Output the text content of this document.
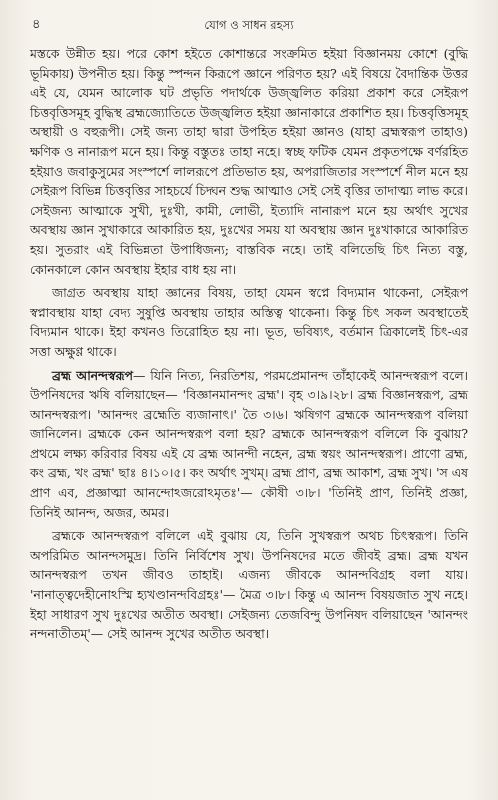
৪	যোগ ও সাধন রহস্য

মস্তকে উন্নীত হয়। পরে কোশ হইতে কোশান্তরে সংক্রমিত হইয়া বিজ্ঞানময় কোশে (বুদ্ধি ভূমিকায়) উপনীত হয়। কিন্তু স্পন্দন কিরূপে জ্ঞানে পরিণত হয়? এই বিষয়ে বৈদান্তিক উত্তর এই যে, যেমন আলোক ঘট প্রভৃতি পদার্থকে উজ্জ্বলিত করিয়া প্রকাশ করে সেইরূপ চিত্তবৃত্তিসমূহ বুদ্ধিস্থ ব্রহ্মজ্যোতিতে উজ্জ্বলিত হইয়া জ্ঞানাকারে প্রকাশিত হয়। চিত্তবৃত্তিসমূহ অস্থায়ী ও বহুরূপী। সেই জন্য তাহা দ্বারা উপহিত হইয়া জ্ঞানও (যাহা ব্রহ্মস্বরূপ তাহাও) ক্ষণিক ও নানারূপ মনে হয়। কিন্তু বস্তুতঃ তাহা নহে। স্বচ্ছ ফটিক যেমন প্রকৃতপক্ষে বর্ণরহিত হইয়াও জবাকুসুমের সংস্পর্শে লালরূপে প্রতিভাত হয়, অপরাজিতার সংস্পর্শে নীল মনে হয় সেইরূপ বিভিন্ন চিত্তবৃত্তির সাহচর্যে চিদ্ঘন শুদ্ধ আত্মাও সেই সেই বৃত্তির তাদাত্ম্য লাভ করে। সেইজন্য আত্মাকে সুখী, দুঃখী, কামী, লোভী, ইত্যাদি নানারূপ মনে হয় অর্থাৎ সুখের অবস্থায় জ্ঞান সুখাকারে আকারিত হয়, দুঃখের সময় যা অবস্থায় জ্ঞান দুঃখাকারে আকারিত হয়। সুতরাং এই বিভিন্নতা উপাধিজন্য; বাস্তবিক নহে। তাই বলিতেছি চিৎ নিত্য বস্তু, কোনকালে কোন অবস্থায় ইহার বাধ হয় না।

জাগ্রত অবস্থায় যাহা জ্ঞানের বিষয়, তাহা যেমন স্বপ্নে বিদ্যমান থাকেনা, সেইরূপ স্বপ্নাবস্থায় যাহা বেদ্য সুষুপ্তি অবস্থায় তাহার অস্তিত্ব থাকেনা। কিন্তু চিৎ সকল অবস্থাতেই বিদ্যমান থাকে। ইহা কখনও তিরোহিত হয় না। ভূত, ভবিষ্যৎ, বর্তমান ত্রিকালেই চিৎ-এর সত্তা অক্ষুণ্ণ থাকে।

ব্রহ্ম আনন্দস্বরূপ— যিনি নিত্য, নিরতিশয়, পরমপ্রেমানন্দ তাঁহাকেই আনন্দস্বরূপ বলে। উপনিষদের ঋষি বলিয়াছেন— 'বিজ্ঞানমানন্দং ব্রহ্ম'। বৃহ ৩।৯।২৮। ব্রহ্ম বিজ্ঞানস্বরূপ, ব্রহ্ম আনন্দস্বরূপ। 'আনন্দং ব্রহ্মেতি ব্যজানাৎ।' তৈ ৩।৬। ঋষিগণ ব্রহ্মকে আনন্দস্বরূপ বলিয়া জানিলেন। ব্রহ্মকে কেন আনন্দস্বরূপ বলা হয়? ব্রহ্মকে আনন্দস্বরূপ বলিলে কি বুঝায়? প্রথমে লক্ষ্য করিবার বিষয় এই যে ব্রহ্ম আনন্দী নহেন, ব্রহ্ম স্বয়ং আনন্দস্বরূপ। প্রাণো ব্রহ্ম, কং ব্রহ্ম, খং ব্রহ্ম' ছাঃ ৪।১০।৫। কং অর্থাৎ সুখম্। ব্রহ্ম প্রাণ, ব্রহ্ম আকাশ, ব্রহ্ম সুখ। 'স এষ প্রাণ এব, প্রজ্ঞাত্মা আনন্দোঽজরোঽমৃতঃ'— কৌষী ৩।৮। 'তিনিই প্রাণ, তিনিই প্রজ্ঞা, তিনিই আনন্দ, অজর, অমর।

ব্রহ্মকে আনন্দস্বরূপ বলিলে এই বুঝায় যে, তিনি সুখস্বরূপ অথচ চিৎস্বরূপ। তিনি অপরিমিত আনন্দসমুদ্র। তিনি নির্বিশেষ সুখ। উপনিষদের মতে জীবই ব্রহ্ম। ব্রহ্ম যখন আনন্দস্বরূপ তখন জীবও তাহাই। এজন্য জীবকে আনন্দবিগ্রহ বলা যায়। 'নানাত্ত্বদেহীনোঽস্মি হ্যখণ্ডানন্দবিগ্রহঃ'— মৈত্র ৩।৮। কিন্তু এ আনন্দ বিষয়জাত সুখ নহে। ইহা সাধারণ সুখ দুঃখের অতীত অবস্থা। সেইজন্য তেজবিন্দু উপনিষদ বলিয়াছেন 'আনন্দং নন্দনাতীতম্'— সেই আনন্দ সুখের অতীত অবস্থা।
